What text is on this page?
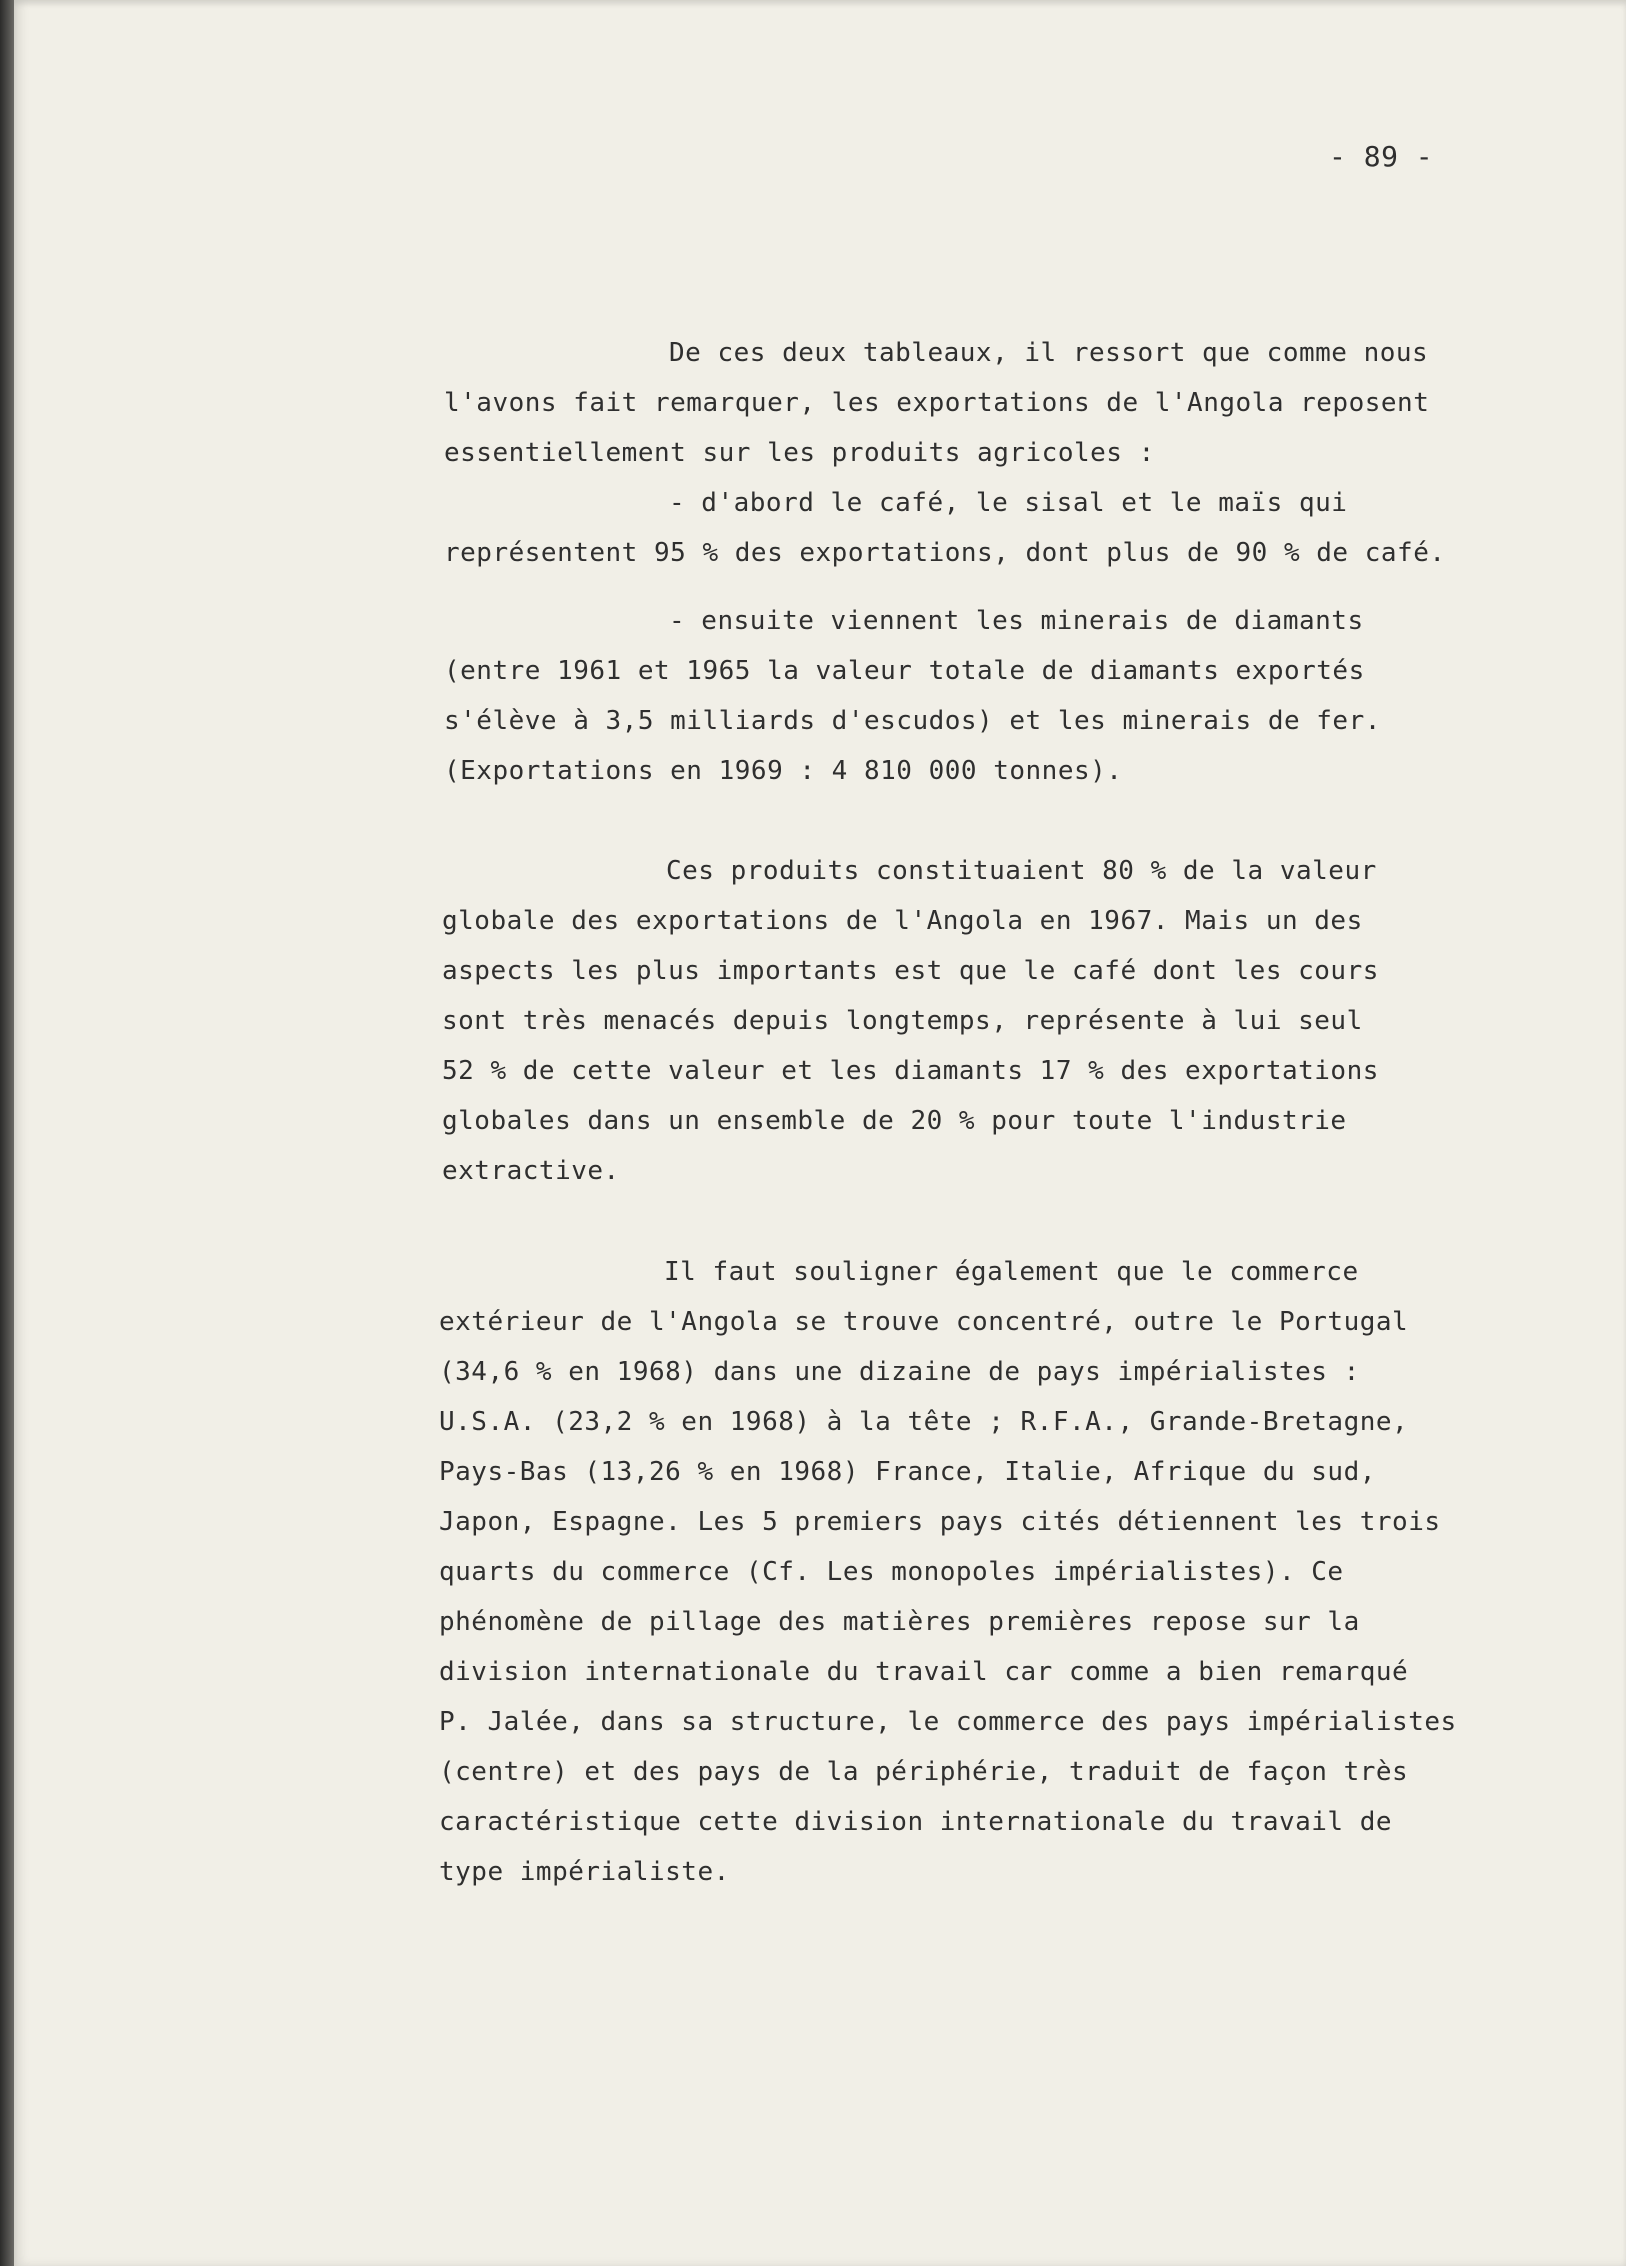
- 89 -

De ces deux tableaux, il ressort que comme nous

l'avons fait remarquer, les exportations de l'Angola reposent

essentiellement sur les produits agricoles :

- d'abord le café, le sisal et le maïs qui

représentent 95 % des exportations, dont plus de 90 % de café.

- ensuite viennent les minerais de diamants

(entre 1961 et 1965 la valeur totale de diamants exportés

s'élève à 3,5 milliards d'escudos) et les minerais de fer.

(Exportations en 1969 : 4 810 000 tonnes).

Ces produits constituaient 80 % de la valeur

globale des exportations de l'Angola en 1967. Mais un des

aspects les plus importants est que le café dont les cours

sont très menacés depuis longtemps, représente à lui seul

52 % de cette valeur et les diamants 17 % des exportations

globales dans un ensemble de 20 % pour toute l'industrie

extractive.

Il faut souligner également que le commerce

extérieur de l'Angola se trouve concentré, outre le Portugal

(34,6 % en 1968) dans une dizaine de pays impérialistes :

U.S.A. (23,2 % en 1968) à la tête ; R.F.A., Grande-Bretagne,

Pays-Bas (13,26 % en 1968) France, Italie, Afrique du sud,

Japon, Espagne. Les 5 premiers pays cités détiennent les trois

quarts du commerce (Cf. Les monopoles impérialistes). Ce

phénomène de pillage des matières premières repose sur la

division internationale du travail car comme a bien remarqué

P. Jalée, dans sa structure, le commerce des pays impérialistes

(centre) et des pays de la périphérie, traduit de façon très

caractéristique cette division internationale du travail de

type impérialiste.
